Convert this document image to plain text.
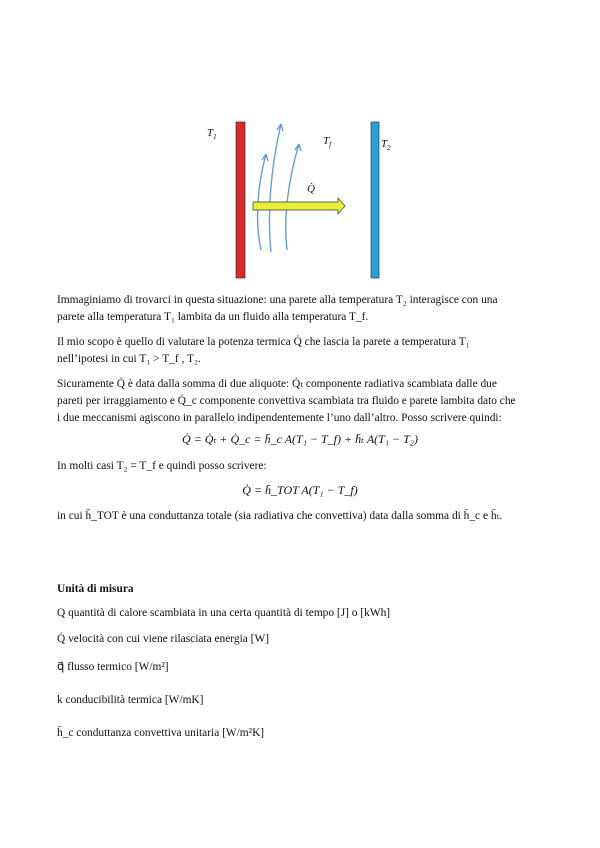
$T_1$	$T_f$	$T_2$
Q̇

Immaginiamo di trovarci in questa situazione: una parete alla temperatura T₂ interagisce con una
parete alla temperatura T₁ lambita da un fluido alla temperatura T_f.

Il mio scopo è quello di valutare la potenza termica Q̇ che lascia la parete a temperatura T₁
nell’ipotesi in cui T₁ > T_f , T₂.

Sicuramente Q̇ è data dalla somma di due aliquote: Q̇ₜ componente radiativa scambiata dalle due
pareti per irraggiamento e Q̇_c componente convettiva scambiata tra fluido e parete lambita dato che
i due meccanismi agiscono in parallelo indipendentemente l’uno dall’altro. Posso scrivere quindi:

Q̇ = Q̇ₜ + Q̇_c = h̄_c A(T₁ − T_f) + h̄ₜ A(T₁ − T₂)

In molti casi T₂ = T_f e quindi posso scrivere:

Q̇ = h̄_TOT A(T₁ − T_f)

in cui h̄_TOT è una conduttanza totale (sia radiativa che convettiva) data dalla somma di h̄_c e h̄ₜ.

Unità di misura
Q quantità di calore scambiata in una certa quantità di tempo [J] o [kWh]
Q̇ velocità con cui viene rilasciata energia [W]
q⃗ flusso termico [W/m²]
k conducibilità termica [W/mK]
h̄_c conduttanza convettiva unitaria [W/m²K]
